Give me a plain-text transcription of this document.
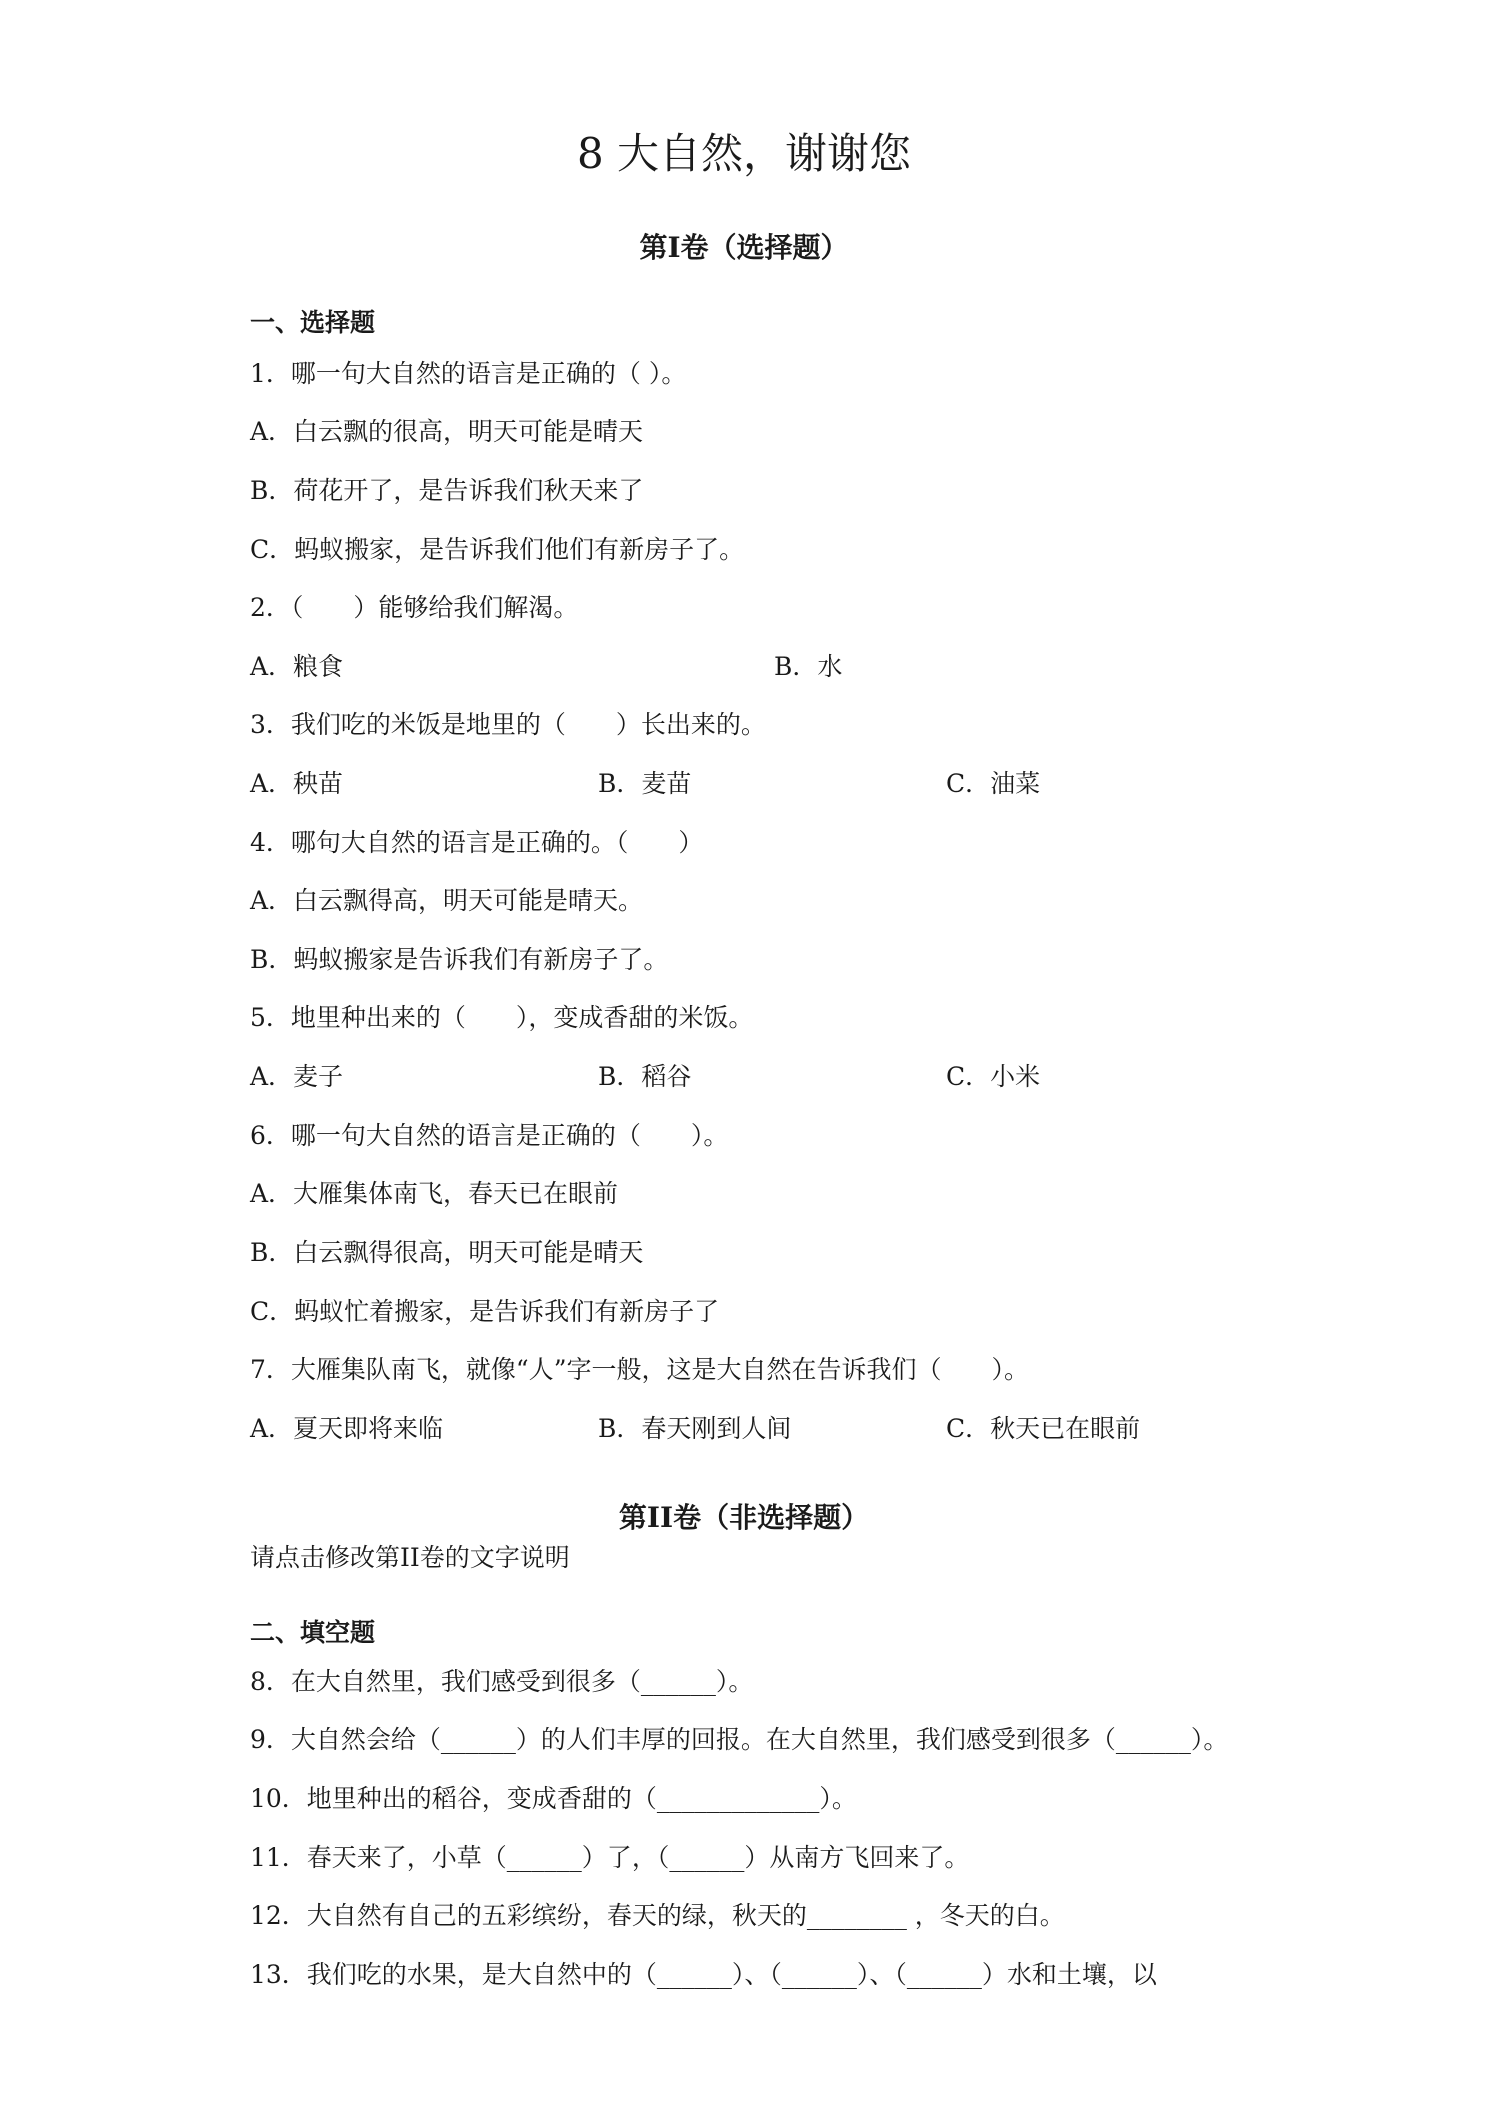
8 大自然，谢谢您
第Ⅰ卷（选择题）
一、选择题
1．哪一句大自然的语言是正确的（ ）。
A．白云飘的很高，明天可能是晴天
B．荷花开了，是告诉我们秋天来了
C．蚂蚁搬家，是告诉我们他们有新房子了。
2．（　　）能够给我们解渴。
A．粮食	B．水
3．我们吃的米饭是地里的（　　）长出来的。
A．秧苗	B．麦苗	C．油菜
4．哪句大自然的语言是正确的。（　　）
A．白云飘得高，明天可能是晴天。
B．蚂蚁搬家是告诉我们有新房子了。
5．地里种出来的（　　），变成香甜的米饭。
A．麦子	B．稻谷	C．小米
6．哪一句大自然的语言是正确的（　　）。
A．大雁集体南飞，春天已在眼前
B．白云飘得很高，明天可能是晴天
C．蚂蚁忙着搬家，是告诉我们有新房子了
7．大雁集队南飞，就像“人”字一般，这是大自然在告诉我们（　　）。
A．夏天即将来临	B．春天刚到人间	C．秋天已在眼前
第II卷（非选择题）
请点击修改第II卷的文字说明
二、填空题
8．在大自然里，我们感受到很多（______）。
9．大自然会给（______）的人们丰厚的回报。在大自然里，我们感受到很多（______）。
10．地里种出的稻谷，变成香甜的（_____________）。
11．春天来了，小草（______）了，（______）从南方飞回来了。
12．大自然有自己的五彩缤纷，春天的绿，秋天的________ ，冬天的白。
13．我们吃的水果，是大自然中的（______）、（______）、（______）水和土壤，以
